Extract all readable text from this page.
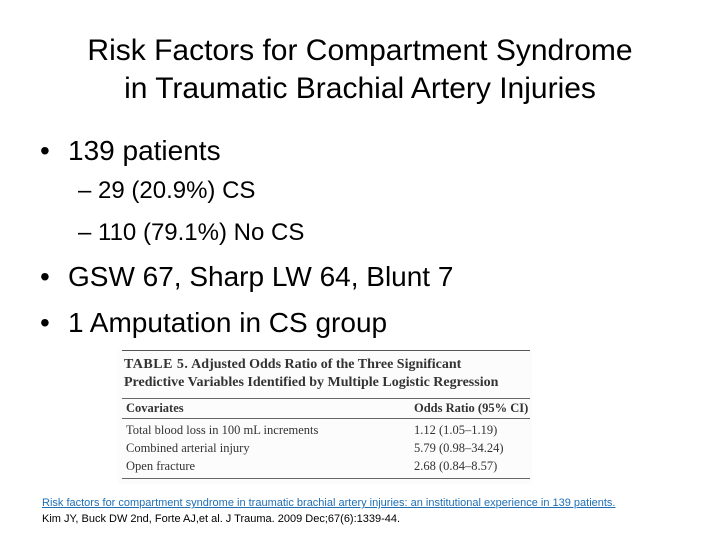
Risk Factors for Compartment Syndrome
in Traumatic Brachial Artery Injuries
• 139 patients
– 29 (20.9%) CS
– 110 (79.1%) No CS
• GSW 67, Sharp LW 64, Blunt 7
• 1 Amputation in CS group
TABLE 5. Adjusted Odds Ratio of the Three Significant
Predictive Variables Identified by Multiple Logistic Regression
Covariates	Odds Ratio (95% CI)
Total blood loss in 100 mL increments	1.12 (1.05–1.19)
Combined arterial injury	5.79 (0.98–34.24)
Open fracture	2.68 (0.84–8.57)
Risk factors for compartment syndrome in traumatic brachial artery injuries: an institutional experience in 139 patients.
Kim JY, Buck DW 2nd, Forte AJ,et al. J Trauma. 2009 Dec;67(6):1339-44.
